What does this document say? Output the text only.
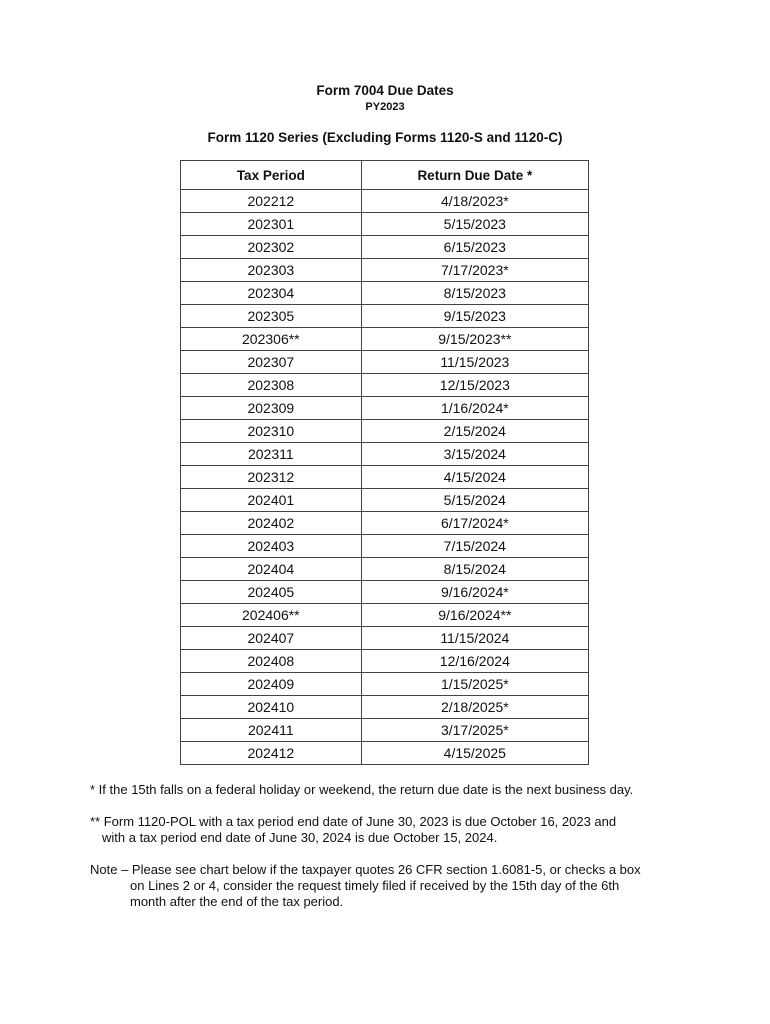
Form 7004 Due Dates
PY2023
Form 1120 Series (Excluding Forms 1120-S and 1120-C)
Tax Period	Return Due Date *
202212	4/18/2023*
202301	5/15/2023
202302	6/15/2023
202303	7/17/2023*
202304	8/15/2023
202305	9/15/2023
202306**	9/15/2023**
202307	11/15/2023
202308	12/15/2023
202309	1/16/2024*
202310	2/15/2024
202311	3/15/2024
202312	4/15/2024
202401	5/15/2024
202402	6/17/2024*
202403	7/15/2024
202404	8/15/2024
202405	9/16/2024*
202406**	9/16/2024**
202407	11/15/2024
202408	12/16/2024
202409	1/15/2025*
202410	2/18/2025*
202411	3/17/2025*
202412	4/15/2025
* If the 15th falls on a federal holiday or weekend, the return due date is the next business day.
** Form 1120-POL with a tax period end date of June 30, 2023 is due October 16, 2023 and
with a tax period end date of June 30, 2024 is due October 15, 2024.
Note – Please see chart below if the taxpayer quotes 26 CFR section 1.6081-5, or checks a box
on Lines 2 or 4, consider the request timely filed if received by the 15th day of the 6th
month after the end of the tax period.
